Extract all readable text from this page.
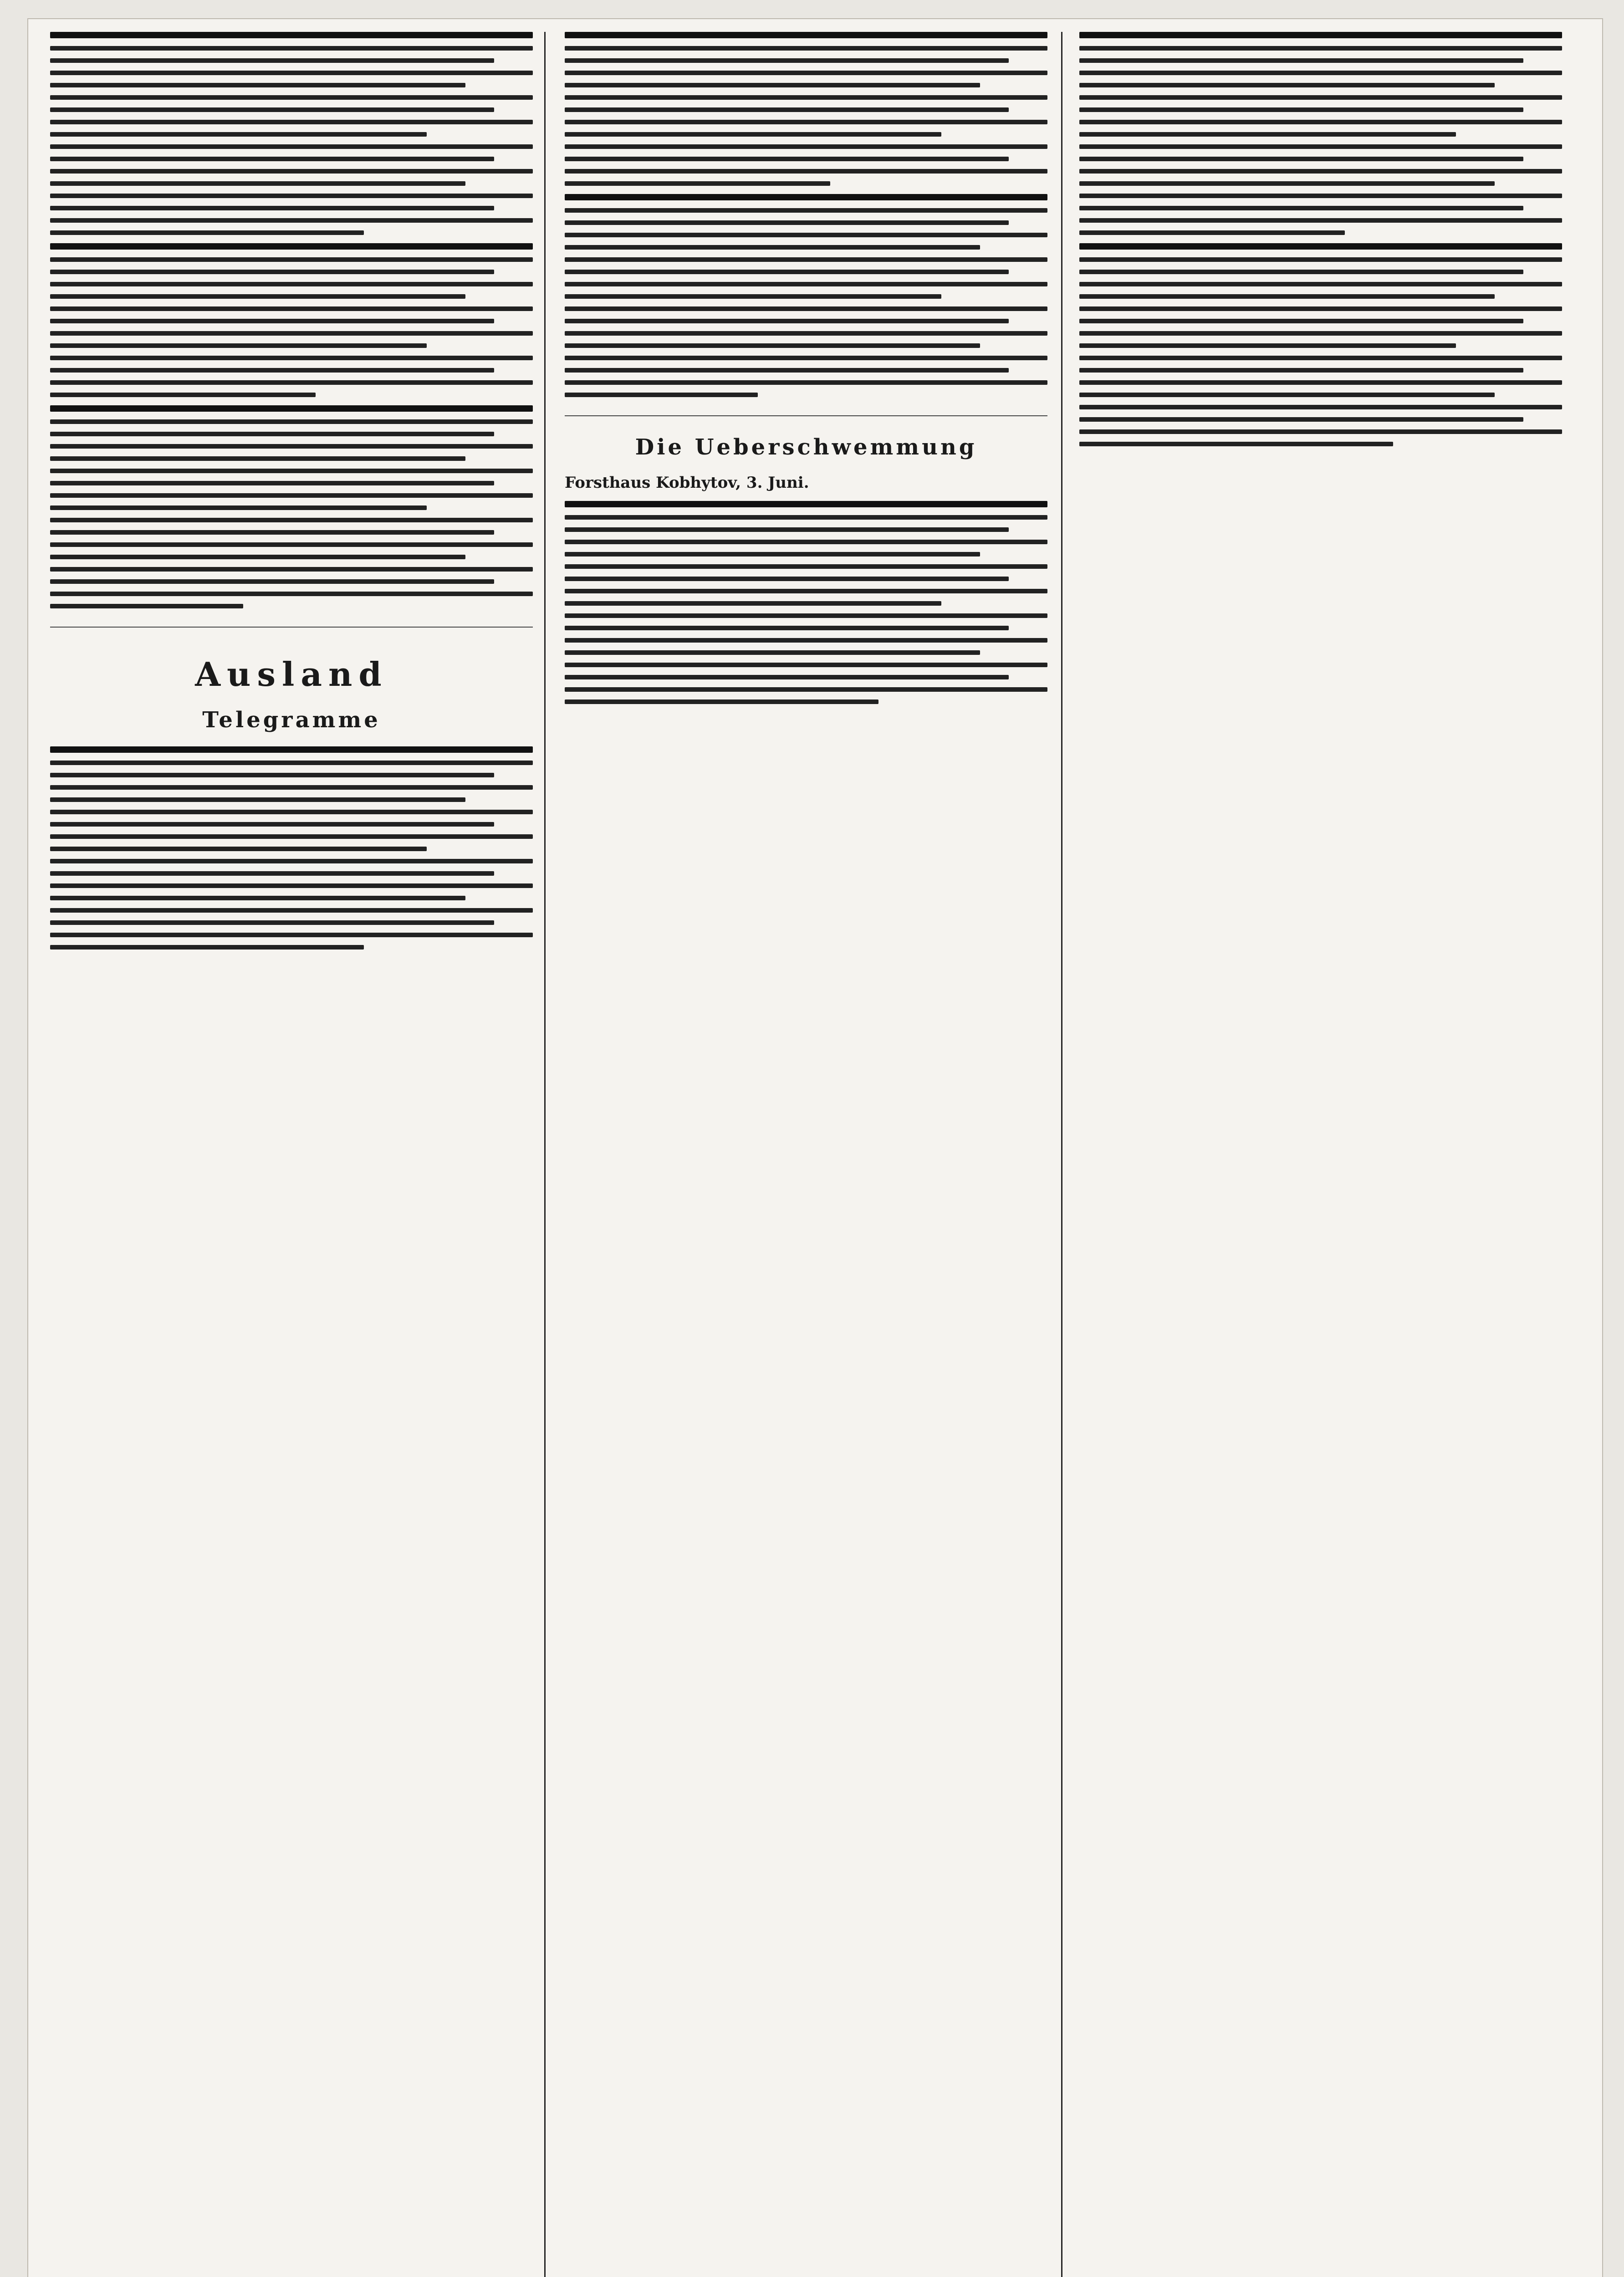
Ausland
Telegramme
Die Ueberschwemmung
Forsthaus Kobhytov, 3. Juni.
